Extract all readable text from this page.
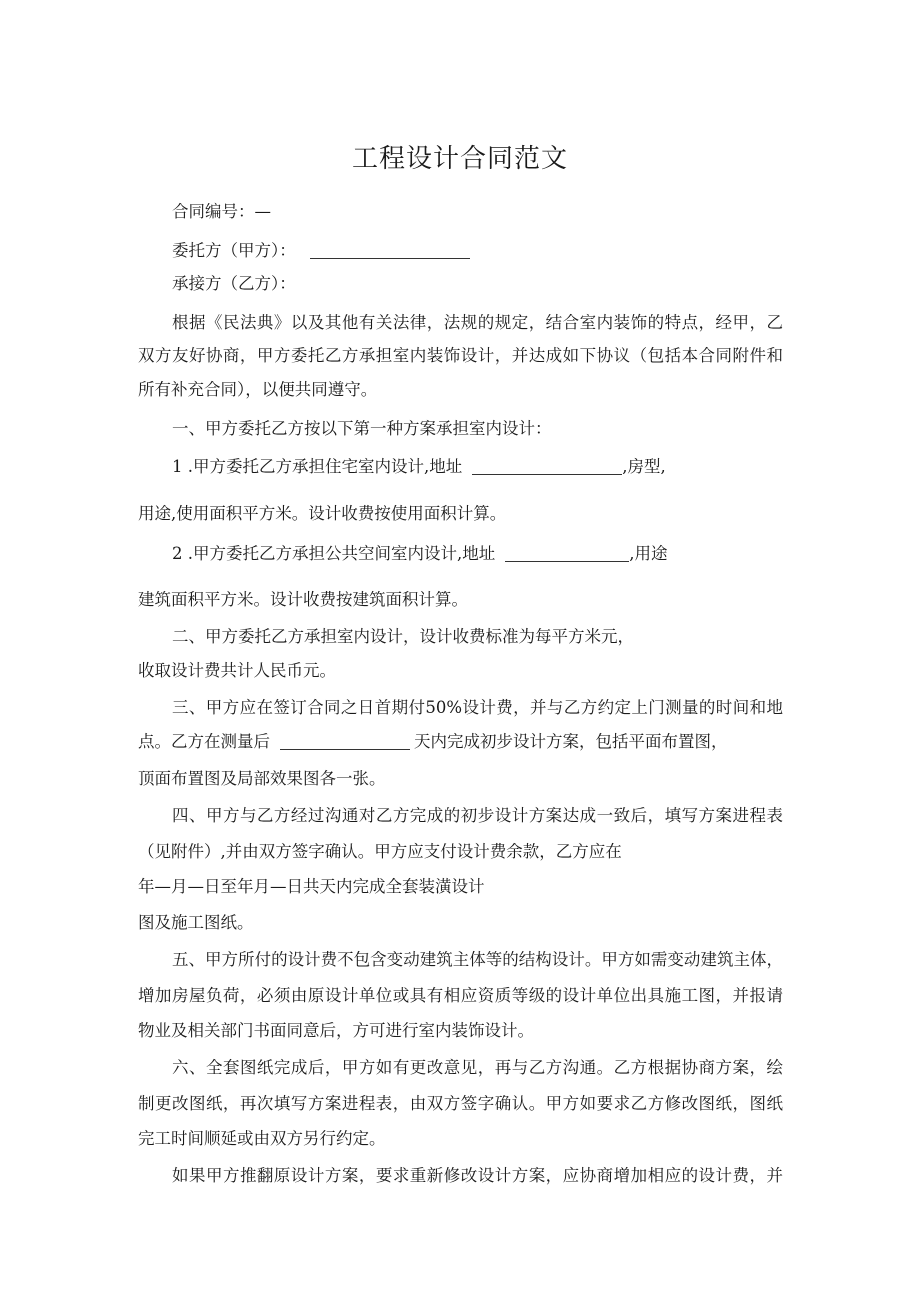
工程设计合同范文
合同编号：—
委托方（甲方）：
承接方（乙方）：
根据《民法典》以及其他有关法律，法规的规定，结合室内装饰的特点，经甲，乙
双方友好协商，甲方委托乙方承担室内装饰设计，并达成如下协议（包括本合同附件和
所有补充合同），以便共同遵守。
一、甲方委托乙方按以下第一种方案承担室内设计：
1 .甲方委托乙方承担住宅室内设计,地址	,房型,
用途,使用面积平方米。设计收费按使用面积计算。
2 .甲方委托乙方承担公共空间室内设计,地址	,用途
建筑面积平方米。设计收费按建筑面积计算。
二、甲方委托乙方承担室内设计，设计收费标准为每平方米元，
收取设计费共计人民币元。
三、甲方应在签订合同之日首期付50%设计费，并与乙方约定上门测量的时间和地
点。乙方在测量后	天内完成初步设计方案，包括平面布置图，
顶面布置图及局部效果图各一张。
四、甲方与乙方经过沟通对乙方完成的初步设计方案达成一致后，填写方案进程表
（见附件）,并由双方签字确认。甲方应支付设计费余款，乙方应在
年—月—日至年月—日共天内完成全套装潢设计
图及施工图纸。
五、甲方所付的设计费不包含变动建筑主体等的结构设计。甲方如需变动建筑主体，
增加房屋负荷，必须由原设计单位或具有相应资质等级的设计单位出具施工图，并报请
物业及相关部门书面同意后，方可进行室内装饰设计。
六、全套图纸完成后，甲方如有更改意见，再与乙方沟通。乙方根据协商方案，绘
制更改图纸，再次填写方案进程表，由双方签字确认。甲方如要求乙方修改图纸，图纸
完工时间顺延或由双方另行约定。
如果甲方推翻原设计方案，要求重新修改设计方案，应协商增加相应的设计费，并
